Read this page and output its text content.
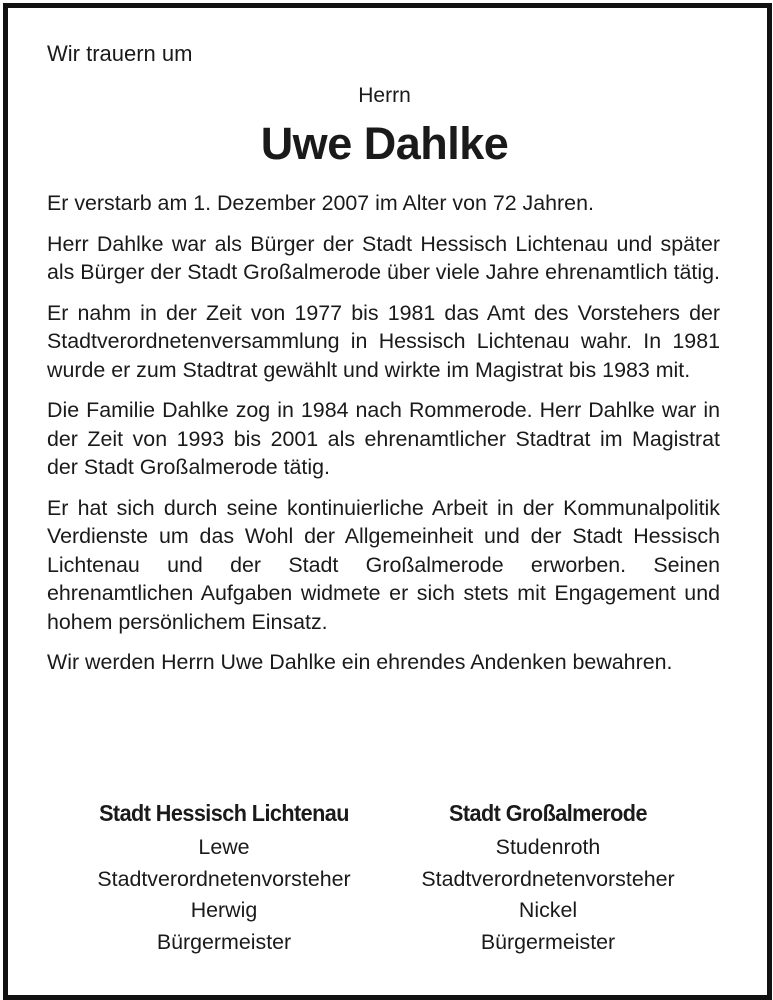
Wir trauern um
Herrn
Uwe Dahlke

Er verstarb am 1. Dezember 2007 im Alter von 72 Jahren.

Herr Dahlke war als Bürger der Stadt Hessisch Lichtenau und später als Bürger der Stadt Großalmerode über viele Jahre ehrenamtlich tätig.

Er nahm in der Zeit von 1977 bis 1981 das Amt des Vorstehers der Stadtverordnetenversammlung in Hessisch Lichtenau wahr. In 1981 wurde er zum Stadtrat gewählt und wirkte im Magistrat bis 1983 mit.

Die Familie Dahlke zog in 1984 nach Rommerode. Herr Dahlke war in der Zeit von 1993 bis 2001 als ehrenamtlicher Stadtrat im Magistrat der Stadt Großalmerode tätig.

Er hat sich durch seine kontinuierliche Arbeit in der Kommunalpolitik Verdienste um das Wohl der Allgemeinheit und der Stadt Hessisch Lichtenau und der Stadt Großalmerode erworben. Seinen ehrenamtlichen Aufgaben widmete er sich stets mit Engagement und hohem persönlichem Einsatz.

Wir werden Herrn Uwe Dahlke ein ehrendes Andenken bewahren.

Stadt Hessisch Lichtenau
Lewe
Stadtverordnetenvorsteher
Herwig
Bürgermeister
Stadt Großalmerode
Studenroth
Stadtverordnetenvorsteher
Nickel
Bürgermeister
